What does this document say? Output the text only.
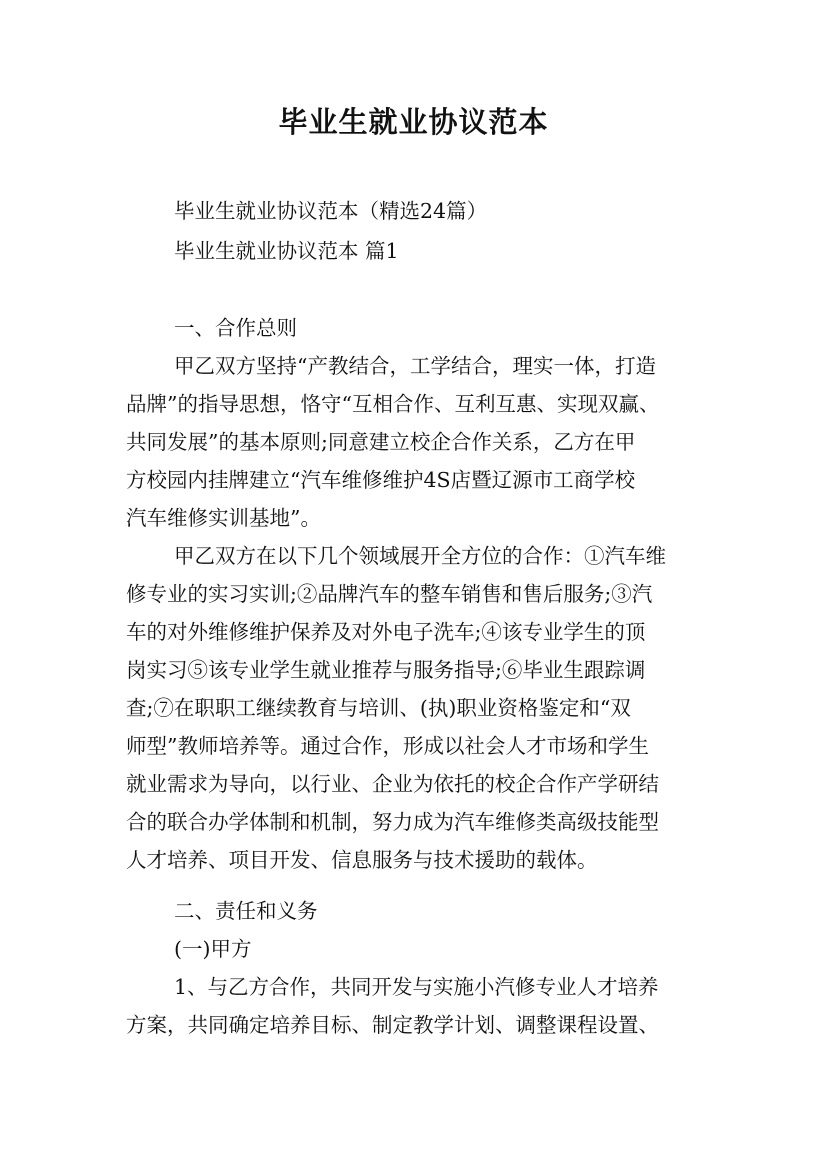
毕业生就业协议范本
毕业生就业协议范本（精选24篇）
毕业生就业协议范本 篇1
一、合作总则
甲乙双方坚持“产教结合，工学结合，理实一体，打造
品牌”的指导思想，恪守“互相合作、互利互惠、实现双赢、
共同发展”的基本原则;同意建立校企合作关系，乙方在甲
方校园内挂牌建立“汽车维修维护4S店暨辽源市工商学校
汽车维修实训基地”。
甲乙双方在以下几个领域展开全方位的合作：①汽车维
修专业的实习实训;②品牌汽车的整车销售和售后服务;③汽
车的对外维修维护保养及对外电子洗车;④该专业学生的顶
岗实习⑤该专业学生就业推荐与服务指导;⑥毕业生跟踪调
查;⑦在职职工继续教育与培训、(执)职业资格鉴定和“双
师型”教师培养等。通过合作，形成以社会人才市场和学生
就业需求为导向，以行业、企业为依托的校企合作产学研结
合的联合办学体制和机制，努力成为汽车维修类高级技能型
人才培养、项目开发、信息服务与技术援助的载体。
二、责任和义务
(一)甲方
1、与乙方合作，共同开发与实施小汽修专业人才培养
方案，共同确定培养目标、制定教学计划、调整课程设置、
